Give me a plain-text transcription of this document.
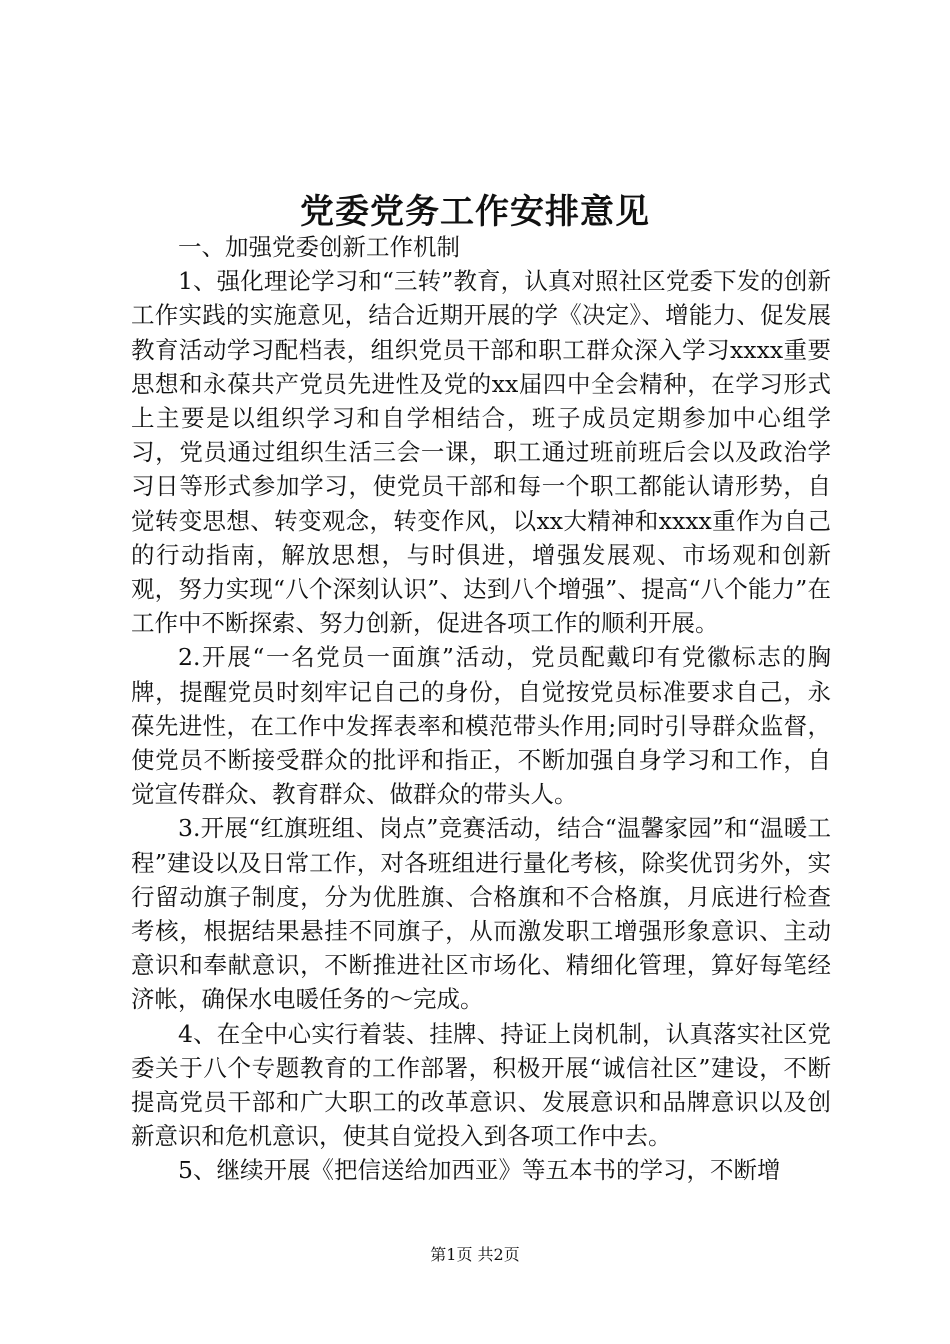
党委党务工作安排意见

一、加强党委创新工作机制

1、强化理论学习和“三转”教育，认真对照社区党委下发的创新工作实践的实施意见，结合近期开展的学《决定》、增能力、促发展教育活动学习配档表，组织党员干部和职工群众深入学习xxxx重要思想和永葆共产党员先进性及党的xx届四中全会精种，在学习形式上主要是以组织学习和自学相结合，班子成员定期参加中心组学习，党员通过组织生活三会一课，职工通过班前班后会以及政治学习日等形式参加学习，使党员干部和每一个职工都能认请形势，自觉转变思想、转变观念，转变作风，以xx大精神和xxxx重作为自己的行动指南，解放思想，与时俱进，增强发展观、市场观和创新观，努力实现“八个深刻认识”、达到八个增强”、提高“八个能力”在工作中不断探索、努力创新，促进各项工作的顺利开展。

2.开展“一名党员一面旗”活动，党员配戴印有党徽标志的胸牌，提醒党员时刻牢记自己的身份，自觉按党员标准要求自己，永葆先进性，在工作中发挥表率和模范带头作用;同时引导群众监督，使党员不断接受群众的批评和指正，不断加强自身学习和工作，自觉宣传群众、教育群众、做群众的带头人。

3.开展“红旗班组、岗点”竞赛活动，结合“温馨家园”和“温暖工程”建设以及日常工作，对各班组进行量化考核，除奖优罚劣外，实行留动旗子制度，分为优胜旗、合格旗和不合格旗，月底进行检查考核，根据结果悬挂不同旗子，从而激发职工增强形象意识、主动意识和奉献意识，不断推进社区市场化、精细化管理，算好每笔经济帐，确保水电暖任务的～完成。

4、在全中心实行着装、挂牌、持证上岗机制，认真落实社区党委关于八个专题教育的工作部署，积极开展“诚信社区”建设，不断提高党员干部和广大职工的改革意识、发展意识和品牌意识以及创新意识和危机意识，使其自觉投入到各项工作中去。

5、继续开展《把信送给加西亚》等五本书的学习，不断增

第1页 共2页
